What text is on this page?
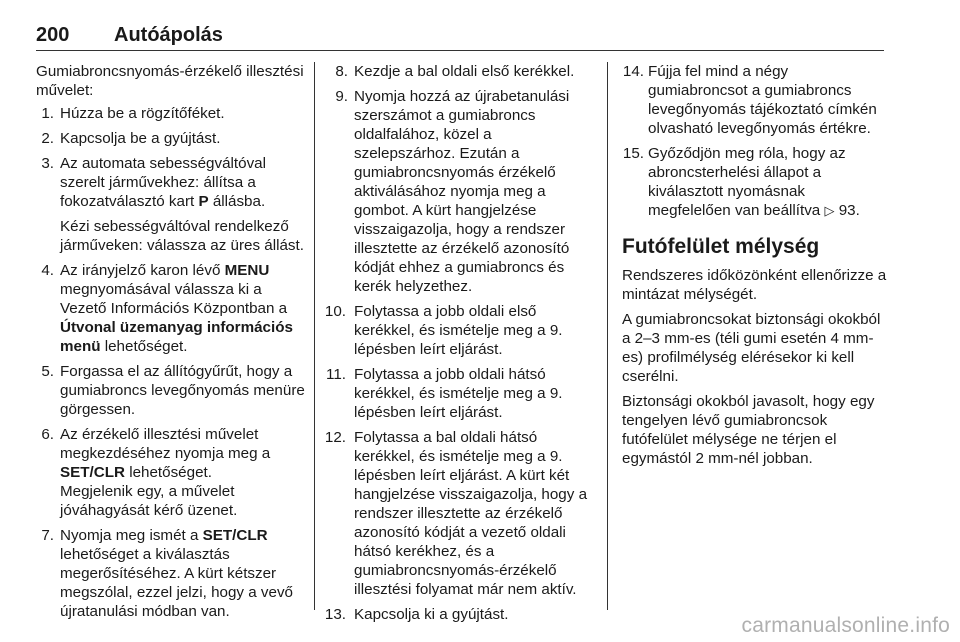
200 Autóápolás

Gumiabroncsnyomás-érzékelő illesztési művelet:

1. Húzza be a rögzítőféket.
2. Kapcsolja be a gyújtást.
3. Az automata sebességváltóval szerelt járművekhez: állítsa a fokozatválasztó kart P állásba.
Kézi sebességváltóval rendelkező járműveken: válassza az üres állást.
4. Az irányjelző karon lévő MENU megnyomásával válassza ki a Vezető Információs Központban a Útvonal üzemanyag információs menü lehetőséget.
5. Forgassa el az állítógyűrűt, hogy a gumiabroncs levegőnyomás menüre görgessen.
6. Az érzékelő illesztési művelet megkezdéséhez nyomja meg a SET/CLR lehetőséget.
Megjelenik egy, a művelet jóváhagyását kérő üzenet.
7. Nyomja meg ismét a SET/CLR lehetőséget a kiválasztás megerősítéséhez. A kürt kétszer megszólal, ezzel jelzi, hogy a vevő újratanulási módban van.
8. Kezdje a bal oldali első kerékkel.
9. Nyomja hozzá az újrabetanulási szerszámot a gumiabroncs oldalfalához, közel a szelepszárhoz. Ezután a gumiabroncsnyomás érzékelő aktiválásához nyomja meg a gombot. A kürt hangjelzése visszaigazolja, hogy a rendszer illesztette az érzékelő azonosító kódját ehhez a gumiabroncs és kerék helyzethez.
10. Folytassa a jobb oldali első kerékkel, és ismételje meg a 9. lépésben leírt eljárást.
11. Folytassa a jobb oldali hátsó kerékkel, és ismételje meg a 9. lépésben leírt eljárást.
12. Folytassa a bal oldali hátsó kerékkel, és ismételje meg a 9. lépésben leírt eljárást. A kürt két hangjelzése visszaigazolja, hogy a rendszer illesztette az érzékelő azonosító kódját a vezető oldali hátsó kerékhez, és a gumiabroncsnyomás-érzékelő illesztési folyamat már nem aktív.
13. Kapcsolja ki a gyújtást.
14. Fújja fel mind a négy gumiabroncsot a gumiabroncs levegőnyomás tájékoztató címkén olvasható levegőnyomás értékre.
15. Győződjön meg róla, hogy az abroncsterhelési állapot a kiválasztott nyomásnak megfelelően van beállítva ▷ 93.
Futófelület mélység

Rendszeres időközönként ellenőrizze a mintázat mélységét.

A gumiabroncsokat biztonsági okokból a 2–3 mm-es (téli gumi esetén 4 mm-es) profilmélység elérésekor ki kell cserélni.

Biztonsági okokból javasolt, hogy egy tengelyen lévő gumiabroncsok futófelület mélysége ne térjen el egymástól 2 mm-nél jobban.

carmanualsonline.info
